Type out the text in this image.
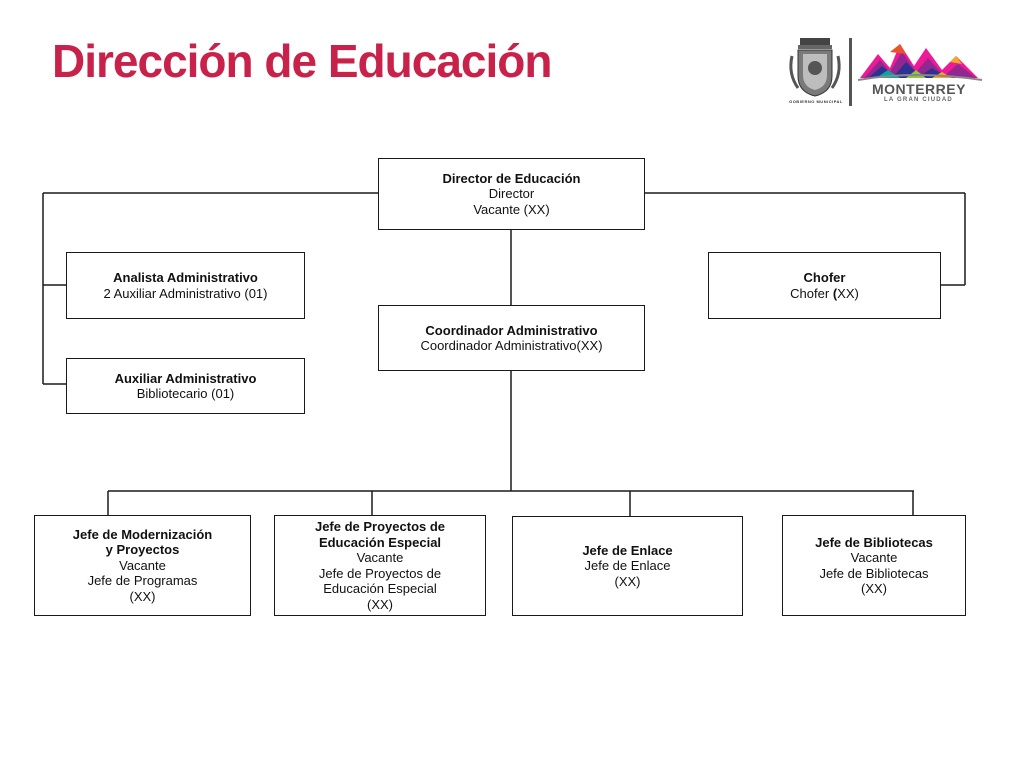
Dirección de Educación
GOBIERNO MUNICIPAL
MONTERREY
LA GRAN CIUDAD
Director de Educación
Director
Vacante (XX)
Analista Administrativo
2 Auxiliar Administrativo (01)
Auxiliar Administrativo
Bibliotecario (01)
Chofer
Chofer (XX)
Coordinador Administrativo
Coordinador Administrativo(XX)
Jefe de Modernización
y Proyectos
Vacante
Jefe de Programas
(XX)
Jefe de Proyectos de
Educación Especial
Vacante
Jefe de Proyectos de
Educación Especial
(XX)
Jefe de Enlace
Jefe de Enlace
(XX)
Jefe de Bibliotecas
Vacante
Jefe de Bibliotecas
(XX)
